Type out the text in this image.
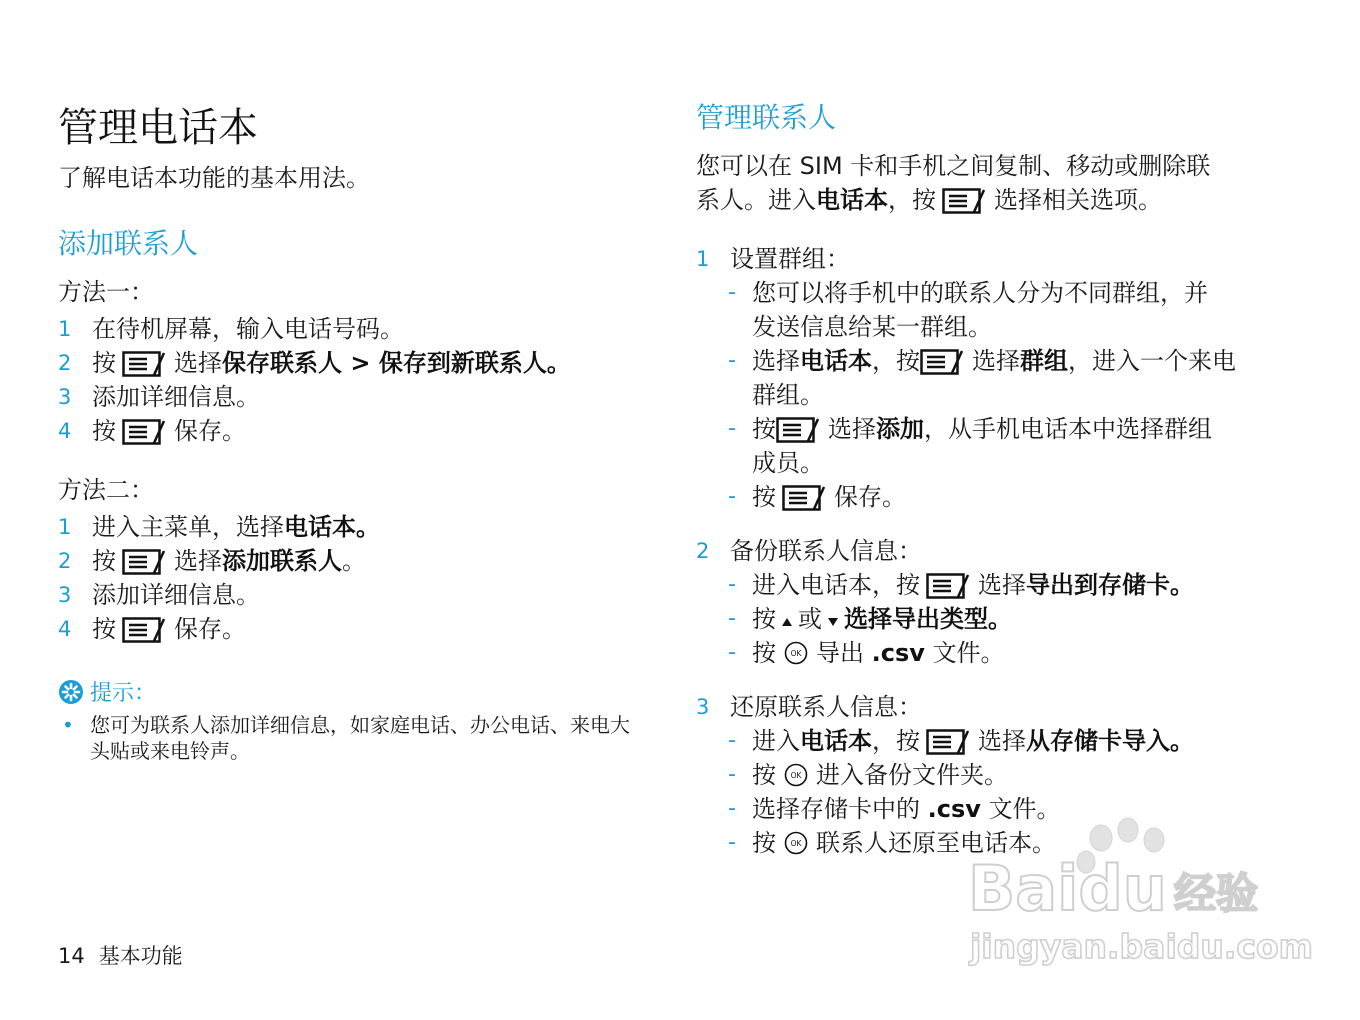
管理电话本
了解电话本功能的基本用法。
添加联系人
方法一：
1 在待机屏幕，输入电话号码。
2 按 选择保存联系人 > 保存到新联系人。
3 添加详细信息。
4 按 保存。
方法二：
1 进入主菜单，选择电话本。
2 按 选择添加联系人。
3 添加详细信息。
4 按 保存。
提示：
• 您可为联系人添加详细信息，如家庭电话、办公电话、来电大头贴或来电铃声。
管理联系人
您可以在 SIM 卡和手机之间复制、移动或删除联
系人。进入电话本，按 选择相关选项。
1 设置群组：
- 您可以将手机中的联系人分为不同群组，并
发送信息给某一群组。
- 选择电话本，按 选择群组，进入一个来电
群组。
- 按 选择添加，从手机电话本中选择群组
成员。
- 按 保存。
2 备份联系人信息：
- 进入电话本，按 选择导出到存储卡。
- 按 或 选择导出类型。
- 按 OK 导出 .csv 文件。
3 还原联系人信息：
- 进入电话本，按 选择从存储卡导入。
- 按 OK 进入备份文件夹。
- 选择存储卡中的 .csv 文件。
- 按 OK 联系人还原至电话本。
14 基本功能
Baidu 经验
jingyan.baidu.com
